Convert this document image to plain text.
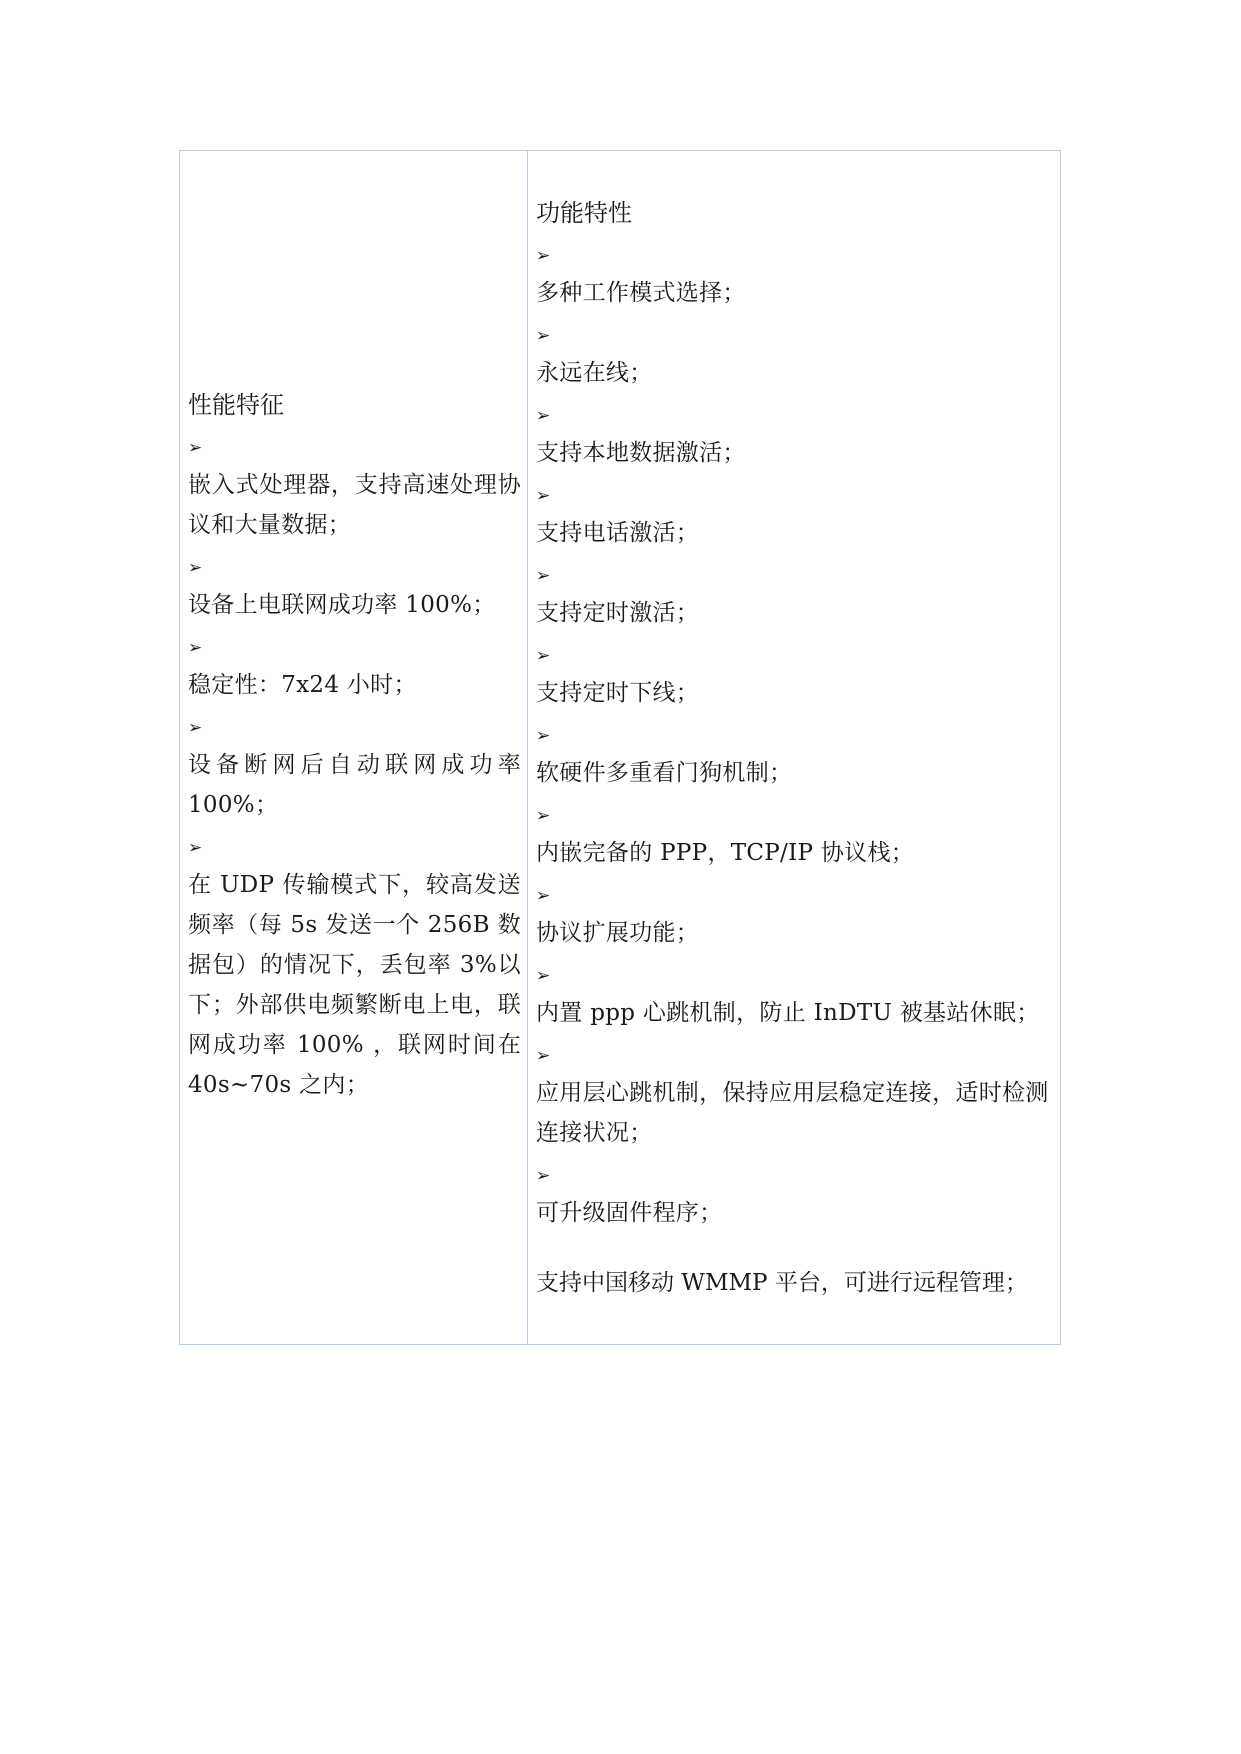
性能特征
➢
嵌入式处理器，支持高速处理协议和大量数据；
➢
设备上电联网成功率 100%；
➢
稳定性：7x24 小时；
➢
设备断网后自动联网成功率 100%；
➢
在 UDP 传输模式下，较高发送频率（每 5s 发送一个 256B 数据包）的情况下，丢包率 3%以下；外部供电频繁断电上电，联网成功率 100% ，联网时间在 40s~70s 之内；
功能特性
➢
多种工作模式选择；
➢
永远在线；
➢
支持本地数据激活；
➢
支持电话激活；
➢
支持定时激活；
➢
支持定时下线；
➢
软硬件多重看门狗机制；
➢
内嵌完备的 PPP，TCP/IP 协议栈；
➢
协议扩展功能；
➢
内置 ppp 心跳机制，防止 InDTU 被基站休眠；
➢
应用层心跳机制，保持应用层稳定连接，适时检测连接状况；
➢
可升级固件程序；
支持中国移动 WMMP 平台，可进行远程管理；
